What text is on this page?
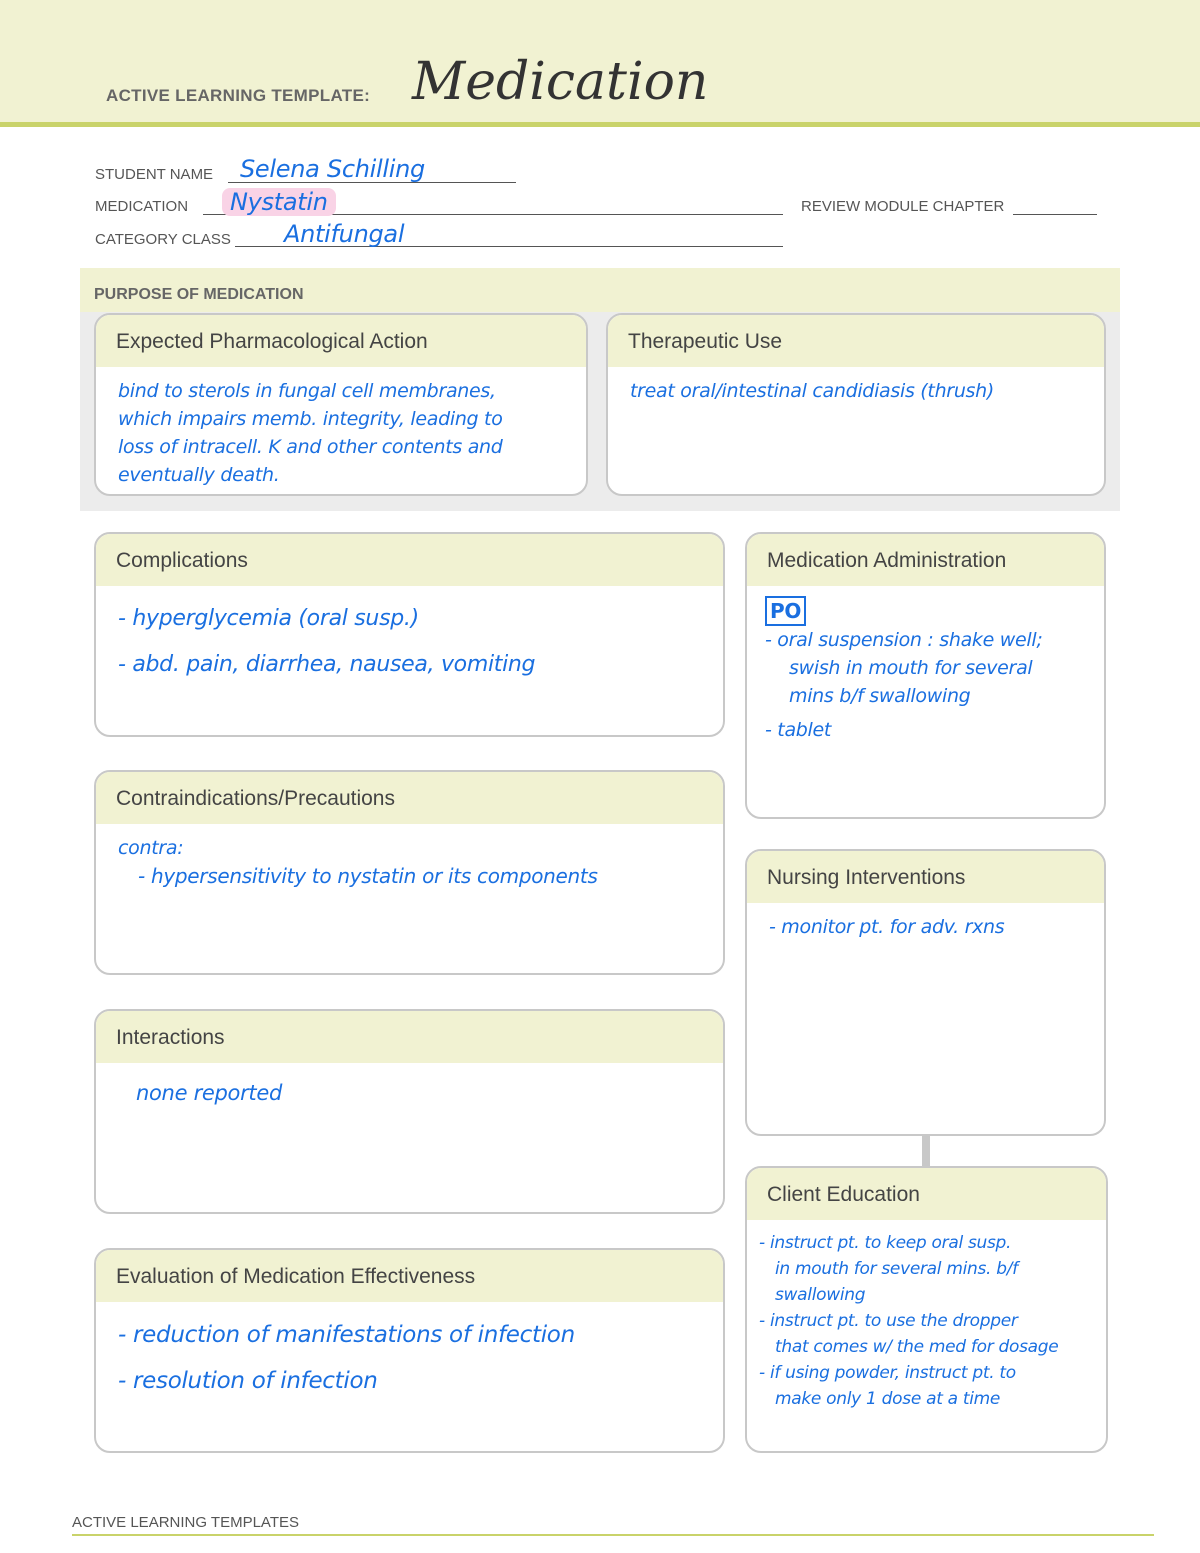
ACTIVE LEARNING TEMPLATE: Medication
STUDENT NAME Selena Schilling
MEDICATION	Nystatin	REVIEW MODULE CHAPTER
CATEGORY CLASS Antifungal
PURPOSE OF MEDICATION
Expected Pharmacological Action
bind to sterols in fungal cell membranes,
which impairs memb. integrity, leading to
loss of intracell. K and other contents and
eventually death.
Therapeutic Use
treat oral/intestinal candidiasis (thrush)
Complications
- hyperglycemia (oral susp.)
- abd. pain, diarrhea, nausea, vomiting
Medication Administration
PO
- oral suspension : shake well;
swish in mouth for several
mins b/f swallowing
- tablet
Contraindications/Precautions
contra:
- hypersensitivity to nystatin or its components	Nursing Interventions
- monitor pt. for adv. rxns
Interactions
none reported
Client Education
- instruct pt. to keep oral susp.
in mouth for several mins. b/f
swallowing
- instruct pt. to use the dropper
that comes w/ the med for dosage
- if using powder, instruct pt. to
make only 1 dose at a time
Evaluation of Medication Effectiveness
- reduction of manifestations of infection
- resolution of infection
ACTIVE LEARNING TEMPLATES
